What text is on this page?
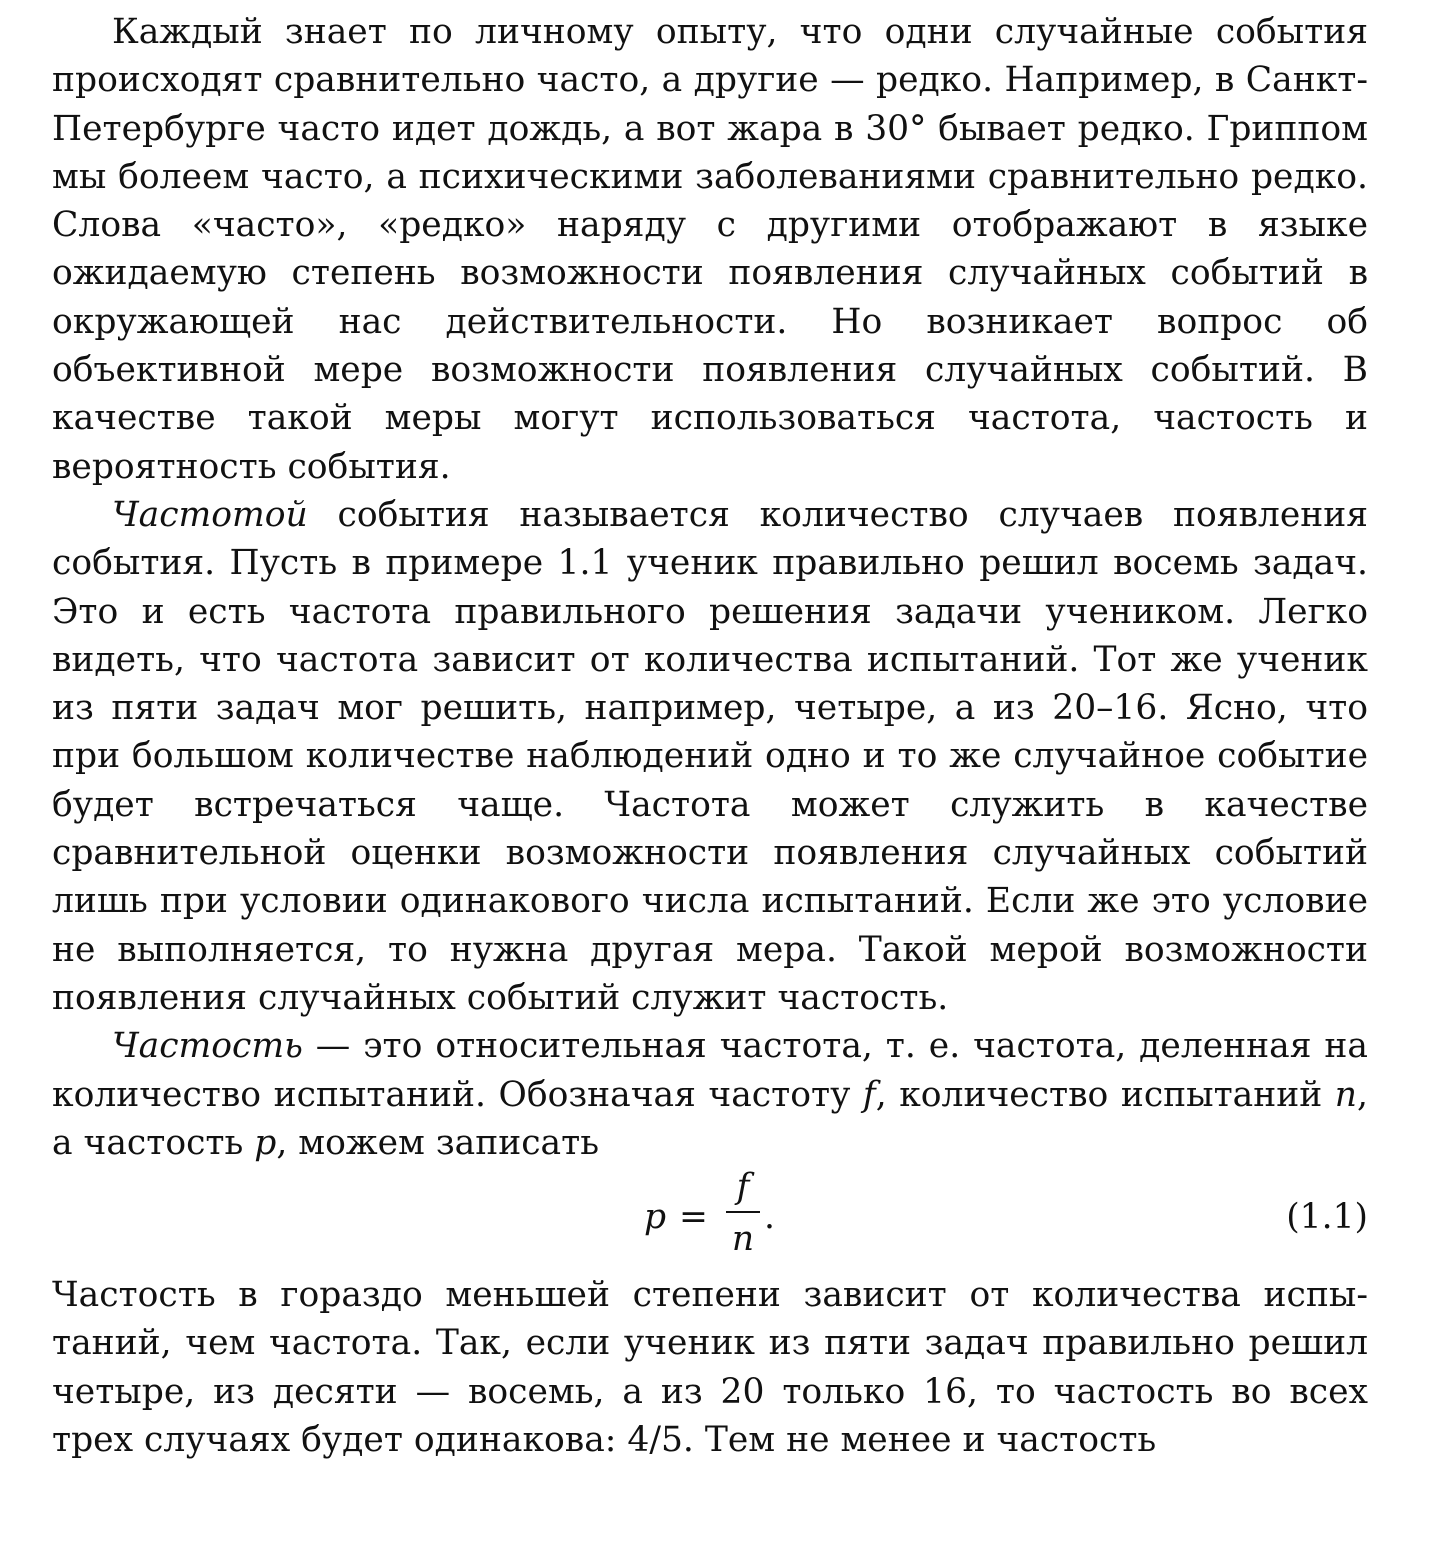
Каждый знает по личному опыту, что одни случайные события происходят сравнительно часто, а другие — редко. Например, в Санкт-Петербурге часто идет дождь, а вот жара в 30° бывает редко. Гриппом мы болеем часто, а психическими заболеваниями сравнительно редко. Слова «часто», «редко» наряду с другими отображают в языке ожидаемую степень возможности появления случайных событий в окружающей нас действительности. Но возникает вопрос об объективной мере возможности появления случайных событий. В качестве такой меры могут использоваться частота, частость и вероятность события.

Частотой события называется количество случаев появления события. Пусть в примере 1.1 ученик правильно решил восемь задач. Это и есть частота правильного решения задачи учеником. Легко видеть, что частота зависит от количества испытаний. Тот же ученик из пяти задач мог решить, например, четыре, а из 20–16. Ясно, что при большом количестве наблюдений одно и то же случайное событие будет встречаться чаще. Частота может служить в качестве сравнительной оценки возможности появления случайных событий лишь при условии одинакового числа испытаний. Если же это условие не выполняется, то нужна другая мера. Такой мерой возможности появления случайных событий служит частость.

Частость — это относительная частота, т. е. частота, деленная на количество испытаний. Обозначая частоту f, количество испытаний n, а частость p, можем записать

p =
f
n
.	(1.1)

Частость в гораздо меньшей степени зависит от количества испытаний, чем частота. Так, если ученик из пяти задач правильно решил четыре, из десяти — восемь, а из 20 только 16, то частость во всех трех случаях будет одинакова: 4/5. Тем не менее и частость
